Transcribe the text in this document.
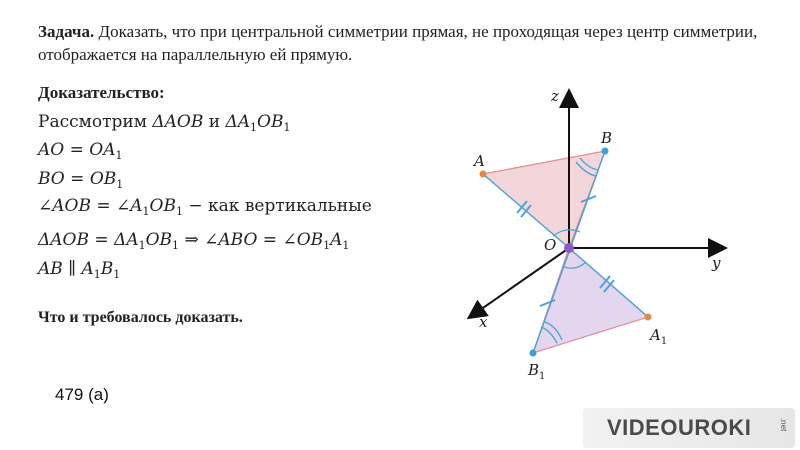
Задача. Доказать, что при центральной симметрии прямая, не проходящая через центр симметрии, отображается на параллельную ей прямую.
Доказательство:
Рассмотрим ΔAOB и $\Delta A_1OB_1$
AO = $OA_1$
BO = $OB_1$
∠AOB = $\angle A_1OB_1$ − как вертикальные
$\Delta AOB = \Delta A_1OB_1$ ⇒ ∠ABO = $\angle OB_1A_1$
AB ∥ $A_1B_1$
Что и требовалось доказать.
479 (а)
z
y
x
O
A
B
$A_1$
$B_1$
VIDEOUROKI	.net
